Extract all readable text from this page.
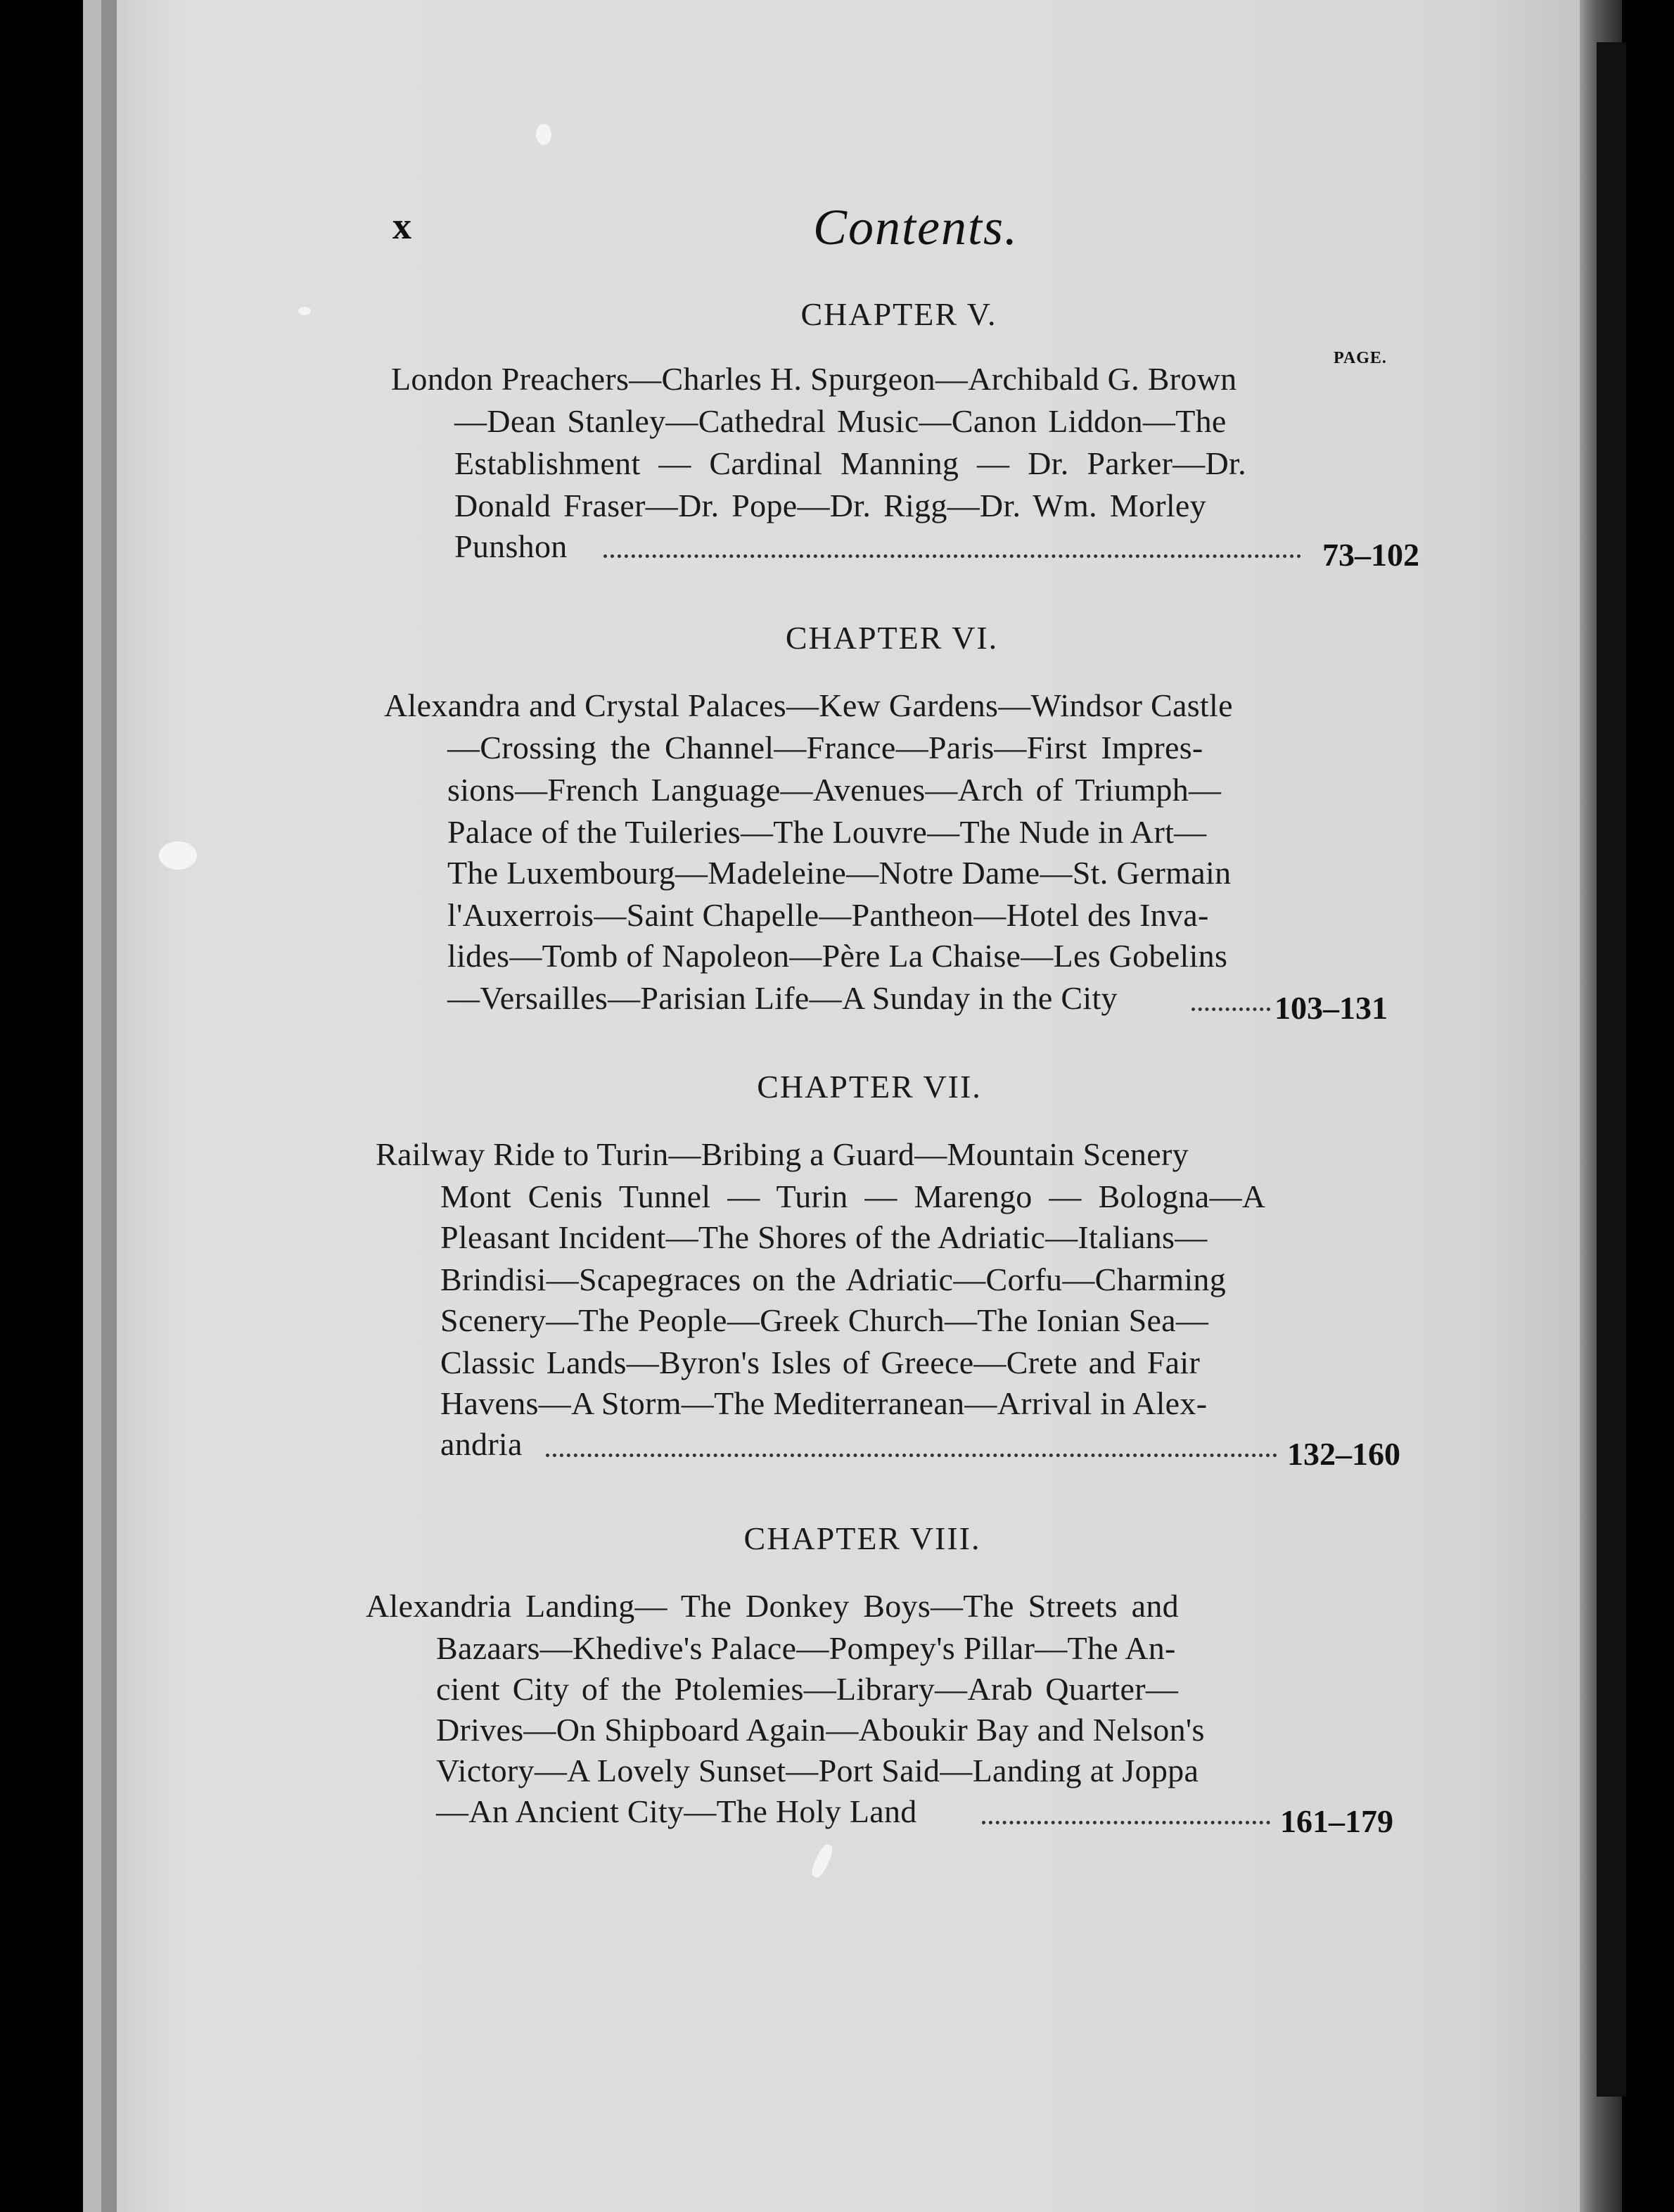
x	Contents.
PAGE.
CHAPTER V.
London Preachers—Charles H. Spurgeon—Archibald G. Brown
—Dean Stanley—Cathedral Music—Canon Liddon—The
Establishment — Cardinal Manning — Dr. Parker—Dr.
Donald Fraser—Dr. Pope—Dr. Rigg—Dr. Wm. Morley
Punshon	73–102
CHAPTER VI.
Alexandra and Crystal Palaces—Kew Gardens—Windsor Castle
—Crossing the Channel—France—Paris—First Impres-
sions—French Language—Avenues—Arch of Triumph—
Palace of the Tuileries—The Louvre—The Nude in Art—
The Luxembourg—Madeleine—Notre Dame—St. Germain
l'Auxerrois—Saint Chapelle—Pantheon—Hotel des Inva-
lides—Tomb of Napoleon—Père La Chaise—Les Gobelins
—Versailles—Parisian Life—A Sunday in the City	103–131
CHAPTER VII.
Railway Ride to Turin—Bribing a Guard—Mountain Scenery
Mont Cenis Tunnel — Turin — Marengo — Bologna—A
Pleasant Incident—The Shores of the Adriatic—Italians—
Brindisi—Scapegraces on the Adriatic—Corfu—Charming
Scenery—The People—Greek Church—The Ionian Sea—
Classic Lands—Byron's Isles of Greece—Crete and Fair
Havens—A Storm—The Mediterranean—Arrival in Alex-
andria	132–160
CHAPTER VIII.
Alexandria Landing— The Donkey Boys—The Streets and
Bazaars—Khedive's Palace—Pompey's Pillar—The An-
cient City of the Ptolemies—Library—Arab Quarter—
Drives—On Shipboard Again—Aboukir Bay and Nelson's
Victory—A Lovely Sunset—Port Said—Landing at Joppa
—An Ancient City—The Holy Land	161–179
